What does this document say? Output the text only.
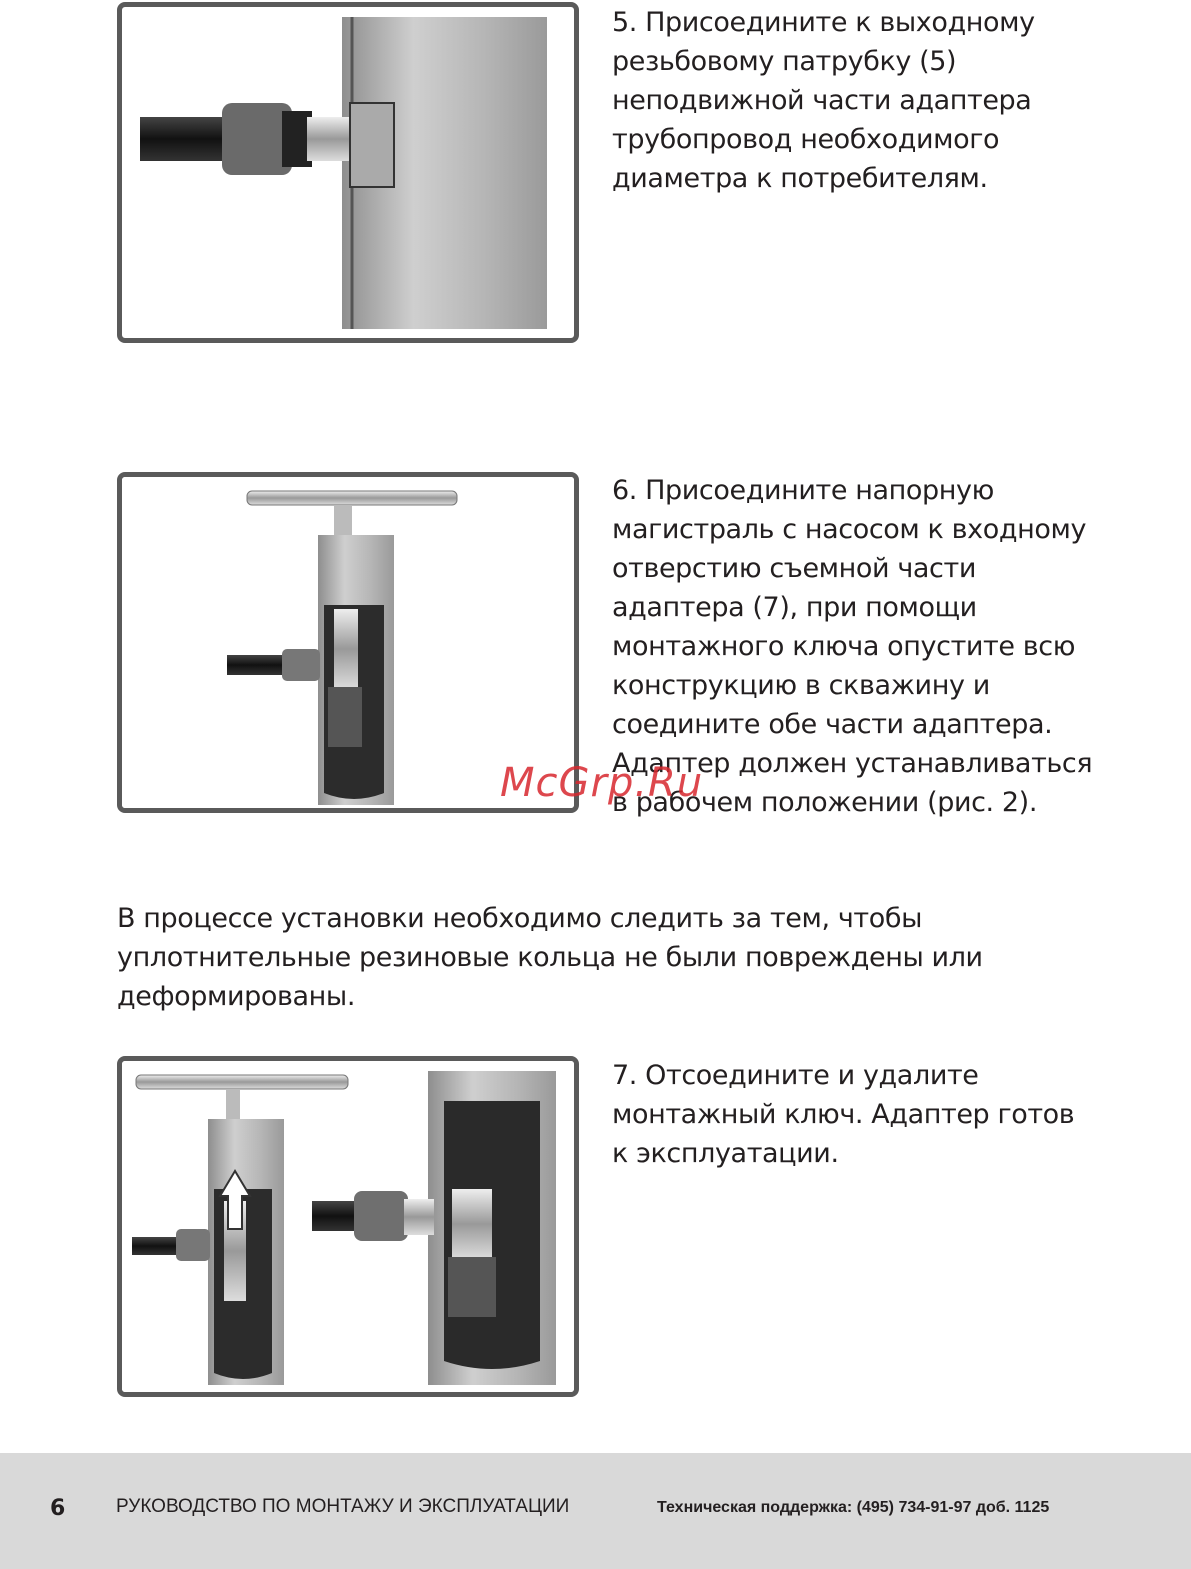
5. Присоедините к выходному
резьбовому патрубку (5)
неподвижной части адаптера
трубопровод необходимого
диаметра к потребителям.

6. Присоедините напорную
магистраль с насосом к входному
отверстию съемной части
адаптера (7), при помощи
монтажного ключа опустите всю
конструкцию в скважину и
соедините обе части адаптера.
Адаптер должен устанавливаться
в рабочем положении (рис. 2).

McGrp.Ru

В процессе установки необходимо следить за тем, чтобы
уплотнительные резиновые кольца не были повреждены или
деформированы.

7. Отсоедините и удалите
монтажный ключ. Адаптер готов
к эксплуатации.

6	РУКОВОДСТВО ПО МОНТАЖУ И ЭКСПЛУАТАЦИИ	Техническая поддержка: (495) 734-91-97 доб. 1125
